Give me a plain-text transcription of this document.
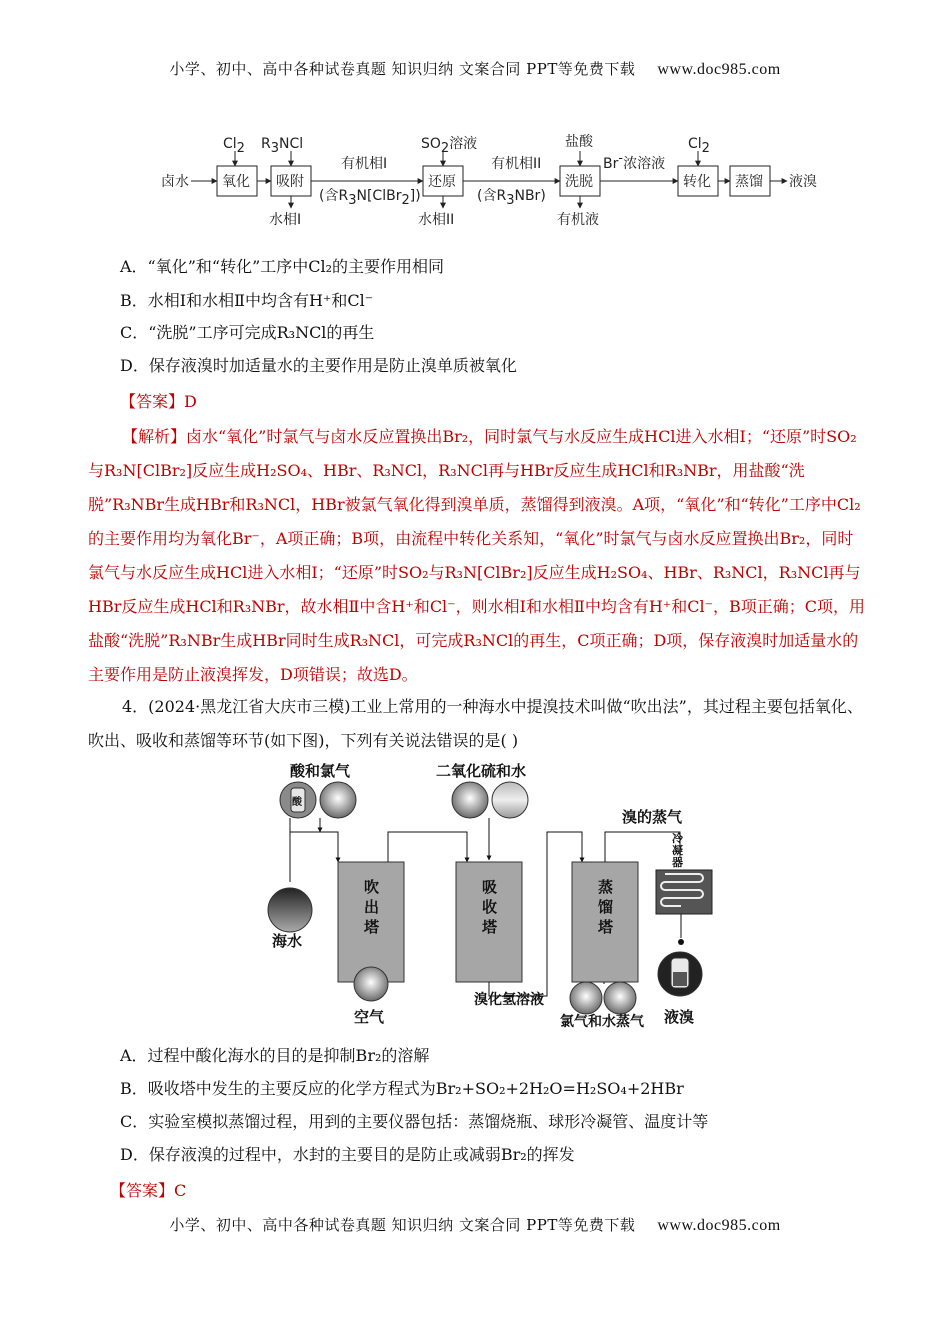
小学、初中、高中各种试卷真题 知识归纳 文案合同 PPT等免费下载 www.doc985.com
卤水 氧化 吸附	还原	洗脱	转化 蒸馏 液溴
Cl2 R3NCl	SO2溶液	盐酸	Cl2
有机相I
(含R3N[ClBr2])
有机相II
(含R3NBr)
Br-浓溶液
水相I	水相II	有机液
A．“氧化”和“转化”工序中Cl₂的主要作用相同
B．水相Ⅰ和水相Ⅱ中均含有H⁺和Cl⁻
C．“洗脱”工序可完成R₃NCl的再生
D．保存液溴时加适量水的主要作用是防止溴单质被氧化
【答案】D
【解析】卤水“氧化”时氯气与卤水反应置换出Br₂，同时氯气与水反应生成HCl进入水相Ⅰ；“还原”时SO₂与R₃N[ClBr₂]反应生成H₂SO₄、HBr、R₃NCl，R₃NCl再与HBr反应生成HCl和R₃NBr，用盐酸“洗脱”R₃NBr生成HBr和R₃NCl，HBr被氯气氧化得到溴单质，蒸馏得到液溴。A项，“氧化”和“转化”工序中Cl₂的主要作用均为氧化Br⁻，A项正确；B项，由流程中转化关系知，“氧化”时氯气与卤水反应置换出Br₂，同时氯气与水反应生成HCl进入水相Ⅰ；“还原”时SO₂与R₃N[ClBr₂]反应生成H₂SO₄、HBr、R₃NCl，R₃NCl再与HBr反应生成HCl和R₃NBr，故水相Ⅱ中含H⁺和Cl⁻，则水相Ⅰ和水相Ⅱ中均含有H⁺和Cl⁻，B项正确；C项，用盐酸“洗脱”R₃NBr生成HBr同时生成R₃NCl，可完成R₃NCl的再生，C项正确；D项，保存液溴时加适量水的主要作用是防止液溴挥发，D项错误；故选D。
4．(2024·黑龙江省大庆市三模)工业上常用的一种海水中提溴技术叫做“吹出法”，其过程主要包括氧化、吹出、吸收和蒸馏等环节(如下图)，下列有关说法错误的是( )
酸和氯气
酸
海水
吹
出
塔
空气
二氧化硫和水
吸
收
塔
溴化氢溶液
蒸
馏
塔
氯气和水蒸气
溴的蒸气
冷
凝
器
液溴
A．过程中酸化海水的目的是抑制Br₂的溶解
B．吸收塔中发生的主要反应的化学方程式为Br₂+SO₂+2H₂O=H₂SO₄+2HBr
C．实验室模拟蒸馏过程，用到的主要仪器包括：蒸馏烧瓶、球形冷凝管、温度计等
D．保存液溴的过程中，水封的主要目的是防止或减弱Br₂的挥发
【答案】C
小学、初中、高中各种试卷真题 知识归纳 文案合同 PPT等免费下载 www.doc985.com
